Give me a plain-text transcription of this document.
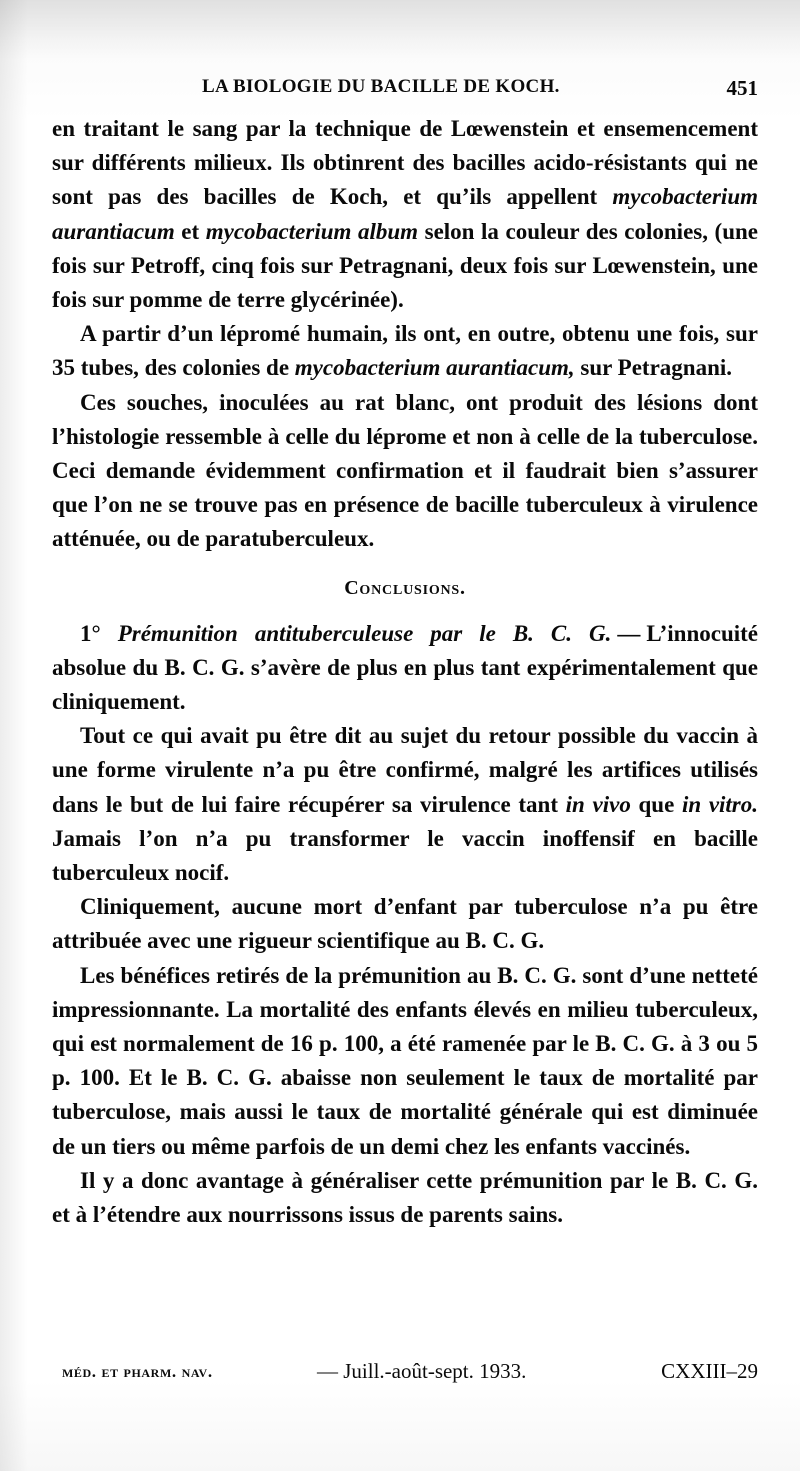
LA BIOLOGIE DU BACILLE DE KOCH.	451

en traitant le sang par la technique de Lœwenstein et ensemencement sur différents milieux. Ils obtinrent des bacilles acido-résistants qui ne sont pas des bacilles de Koch, et qu’ils appellent mycobacterium aurantiacum et mycobacterium album selon la couleur des colonies, (une fois sur Petroff, cinq fois sur Petragnani, deux fois sur Lœwenstein, une fois sur pomme de terre glycérinée).

A partir d’un lépromé humain, ils ont, en outre, obtenu une fois, sur 35 tubes, des colonies de mycobacterium aurantiacum, sur Petragnani.

Ces souches, inoculées au rat blanc, ont produit des lésions dont l’histologie ressemble à celle du léprome et non à celle de la tuberculose. Ceci demande évidemment confirmation et il faudrait bien s’assurer que l’on ne se trouve pas en présence de bacille tuberculeux à virulence atténuée, ou de paratuberculeux.

Conclusions.

1° Prémunition antituberculeuse par le B. C. G. — L’innocuité absolue du B. C. G. s’avère de plus en plus tant expérimentalement que cliniquement.

Tout ce qui avait pu être dit au sujet du retour possible du vaccin à une forme virulente n’a pu être confirmé, malgré les artifices utilisés dans le but de lui faire récupérer sa virulence tant in vivo que in vitro. Jamais l’on n’a pu transformer le vaccin inoffensif en bacille tuberculeux nocif.

Cliniquement, aucune mort d’enfant par tuberculose n’a pu être attribuée avec une rigueur scientifique au B. C. G.

Les bénéfices retirés de la prémunition au B. C. G. sont d’une netteté impressionnante. La mortalité des enfants élevés en milieu tuberculeux, qui est normalement de 16 p. 100, a été ramenée par le B. C. G. à 3 ou 5 p. 100. Et le B. C. G. abaisse non seulement le taux de mortalité par tuberculose, mais aussi le taux de mortalité générale qui est diminuée de un tiers ou même parfois de un demi chez les enfants vaccinés.

Il y a donc avantage à généraliser cette prémunition par le B. C. G. et à l’étendre aux nourrissons issus de parents sains.

méd. et pharm. nav.	— Juill.-août-sept. 1933.	CXXIII–29
